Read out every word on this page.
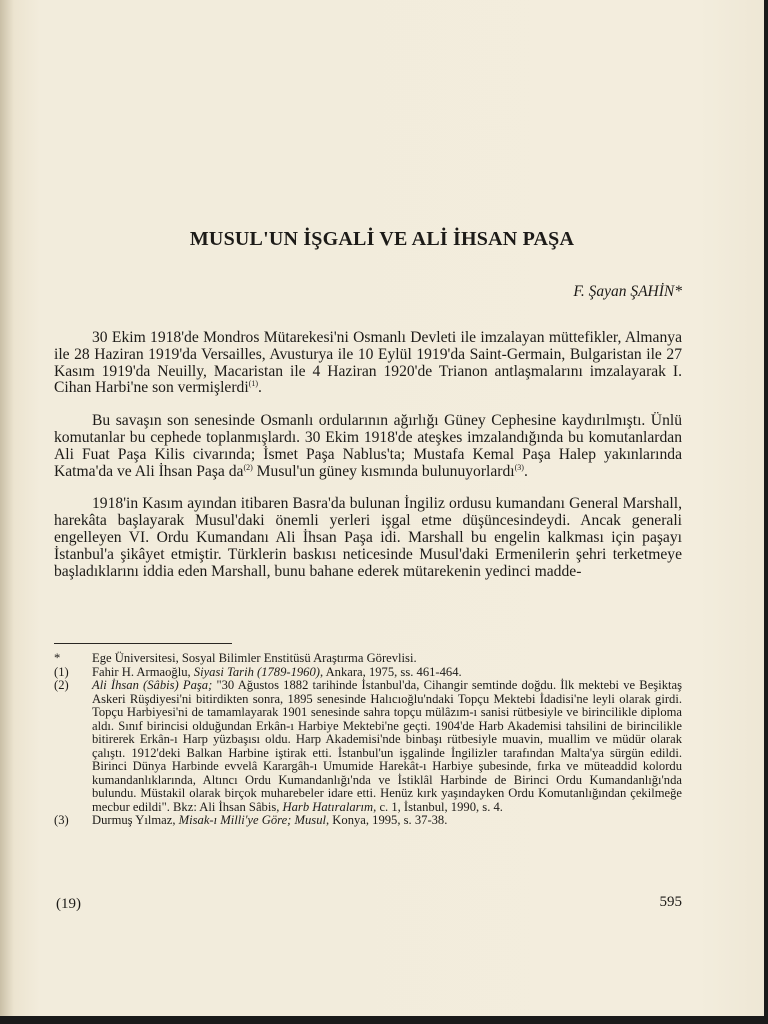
MUSUL'UN İŞGALİ VE ALİ İHSAN PAŞA
F. Şayan ŞAHİN*

30 Ekim 1918'de Mondros Mütarekesi'ni Osmanlı Devleti ile imzalayan müttefikler, Almanya ile 28 Haziran 1919'da Versailles, Avusturya ile 10 Eylül 1919'da Saint-Germain, Bulgaristan ile 27 Kasım 1919'da Neuilly, Macaristan ile 4 Haziran 1920'de Trianon antlaşmalarını imzalayarak I. Cihan Harbi'ne son vermişlerdi$^{(1)}$.

Bu savaşın son senesinde Osmanlı ordularının ağırlığı Güney Cephesine kaydırılmıştı. Ünlü komutanlar bu cephede toplanmışlardı. 30 Ekim 1918'de ateşkes imzalandığında bu komutanlardan Ali Fuat Paşa Kilis civarında; İsmet Paşa Nablus'ta; Mustafa Kemal Paşa Halep yakınlarında Katma'da ve Ali İhsan Paşa $da^{(2)}$ Musul'un güney kısmında bulunuyorlardı$^{(3)}$.

1918'in Kasım ayından itibaren Basra'da bulunan İngiliz ordusu kumandanı General Marshall, harekâta başlayarak Musul'daki önemli yerleri işgal etme düşüncesindeydi. Ancak generali engelleyen VI. Ordu Kumandanı Ali İhsan Paşa idi. Marshall bu engelin kalkması için paşayı İstanbul'a şikâyet etmiştir. Türklerin baskısı neticesinde Musul'daki Ermenilerin şehri terketmeye başladıklarını iddia eden Marshall, bunu bahane ederek mütarekenin yedinci madde-

*	Ege Üniversitesi, Sosyal Bilimler Enstitüsü Araştırma Görevlisi.
(1)	Fahir H. Armaoğlu, Siyasi Tarih (1789-1960), Ankara, 1975, ss. 461-464.
(2)	Ali İhsan (Sâbis) Paşa; "30 Ağustos 1882 tarihinde İstanbul'da, Cihangir semtinde doğdu. İlk mektebi ve Beşiktaş Askeri Rüşdiyesi'ni bitirdikten sonra, 1895 senesinde Halıcıoğlu'ndaki Topçu Mektebi İdadisi'ne leyli olarak girdi. Topçu Harbiyesi'ni de tamamlayarak 1901 senesinde sahra topçu mülâzım-ı sanisi rütbesiyle ve birincilikle diploma aldı. Sınıf birincisi olduğundan Erkân-ı Harbiye Mektebi'ne geçti. 1904'de Harb Akademisi tahsilini de birincilikle bitirerek Erkân-ı Harp yüzbaşısı oldu. Harp Akademisi'nde binbaşı rütbesiyle muavin, muallim ve müdür olarak çalıştı. 1912'deki Balkan Harbine iştirak etti. İstanbul'un işgalinde İngilizler tarafından Malta'ya sürgün edildi. Birinci Dünya Harbinde evvelâ Karargâh-ı Umumide Harekât-ı Harbiye şubesinde, fırka ve müteaddid kolordu kumandanlıklarında, Altıncı Ordu Kumandanlığı'nda ve İstiklâl Harbinde de Birinci Ordu Kumandanlığı'nda bulundu. Müstakil olarak birçok muharebeler idare etti. Henüz kırk yaşındayken Ordu Komutanlığından çekilmeğe mecbur edildi". Bkz: Ali İhsan Sâbis, Harb Hatıralarım, c. 1, İstanbul, 1990, s. 4.
(3)	Durmuş Yılmaz, Misak-ı Milli'ye Göre; Musul, Konya, 1995, s. 37-38.
(19)	595
